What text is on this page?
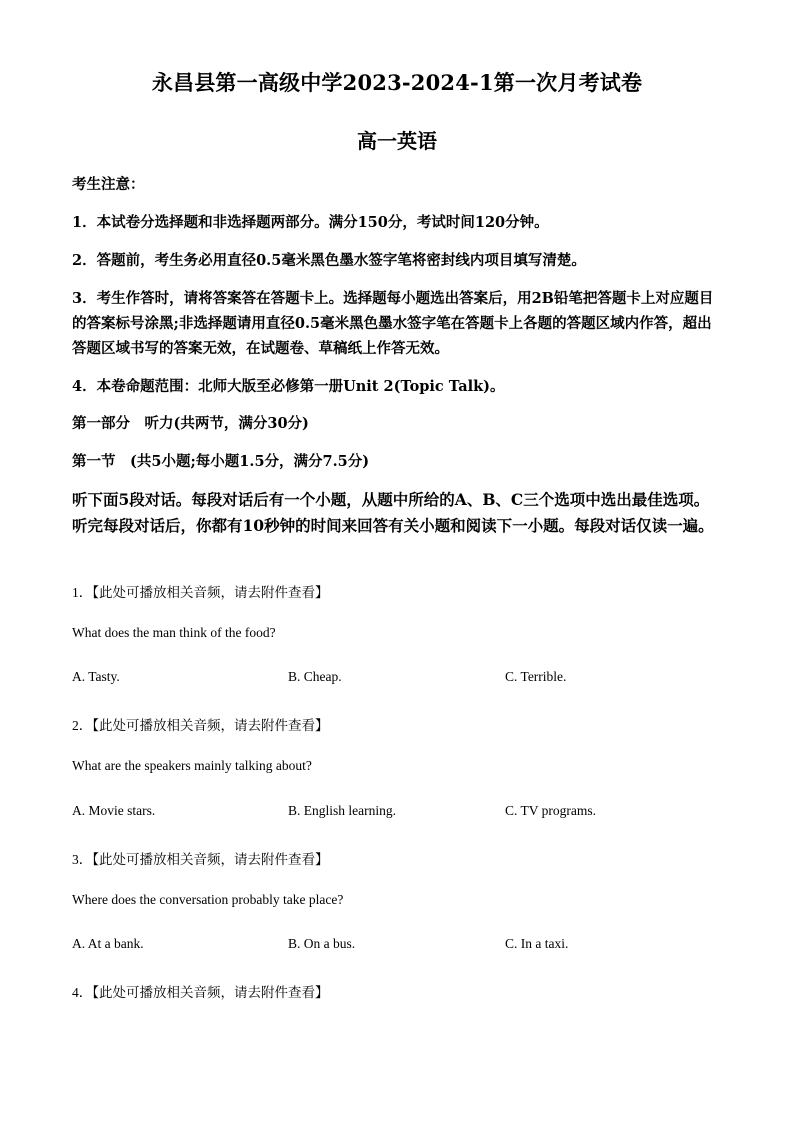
永昌县第一高级中学2023-2024-1第一次月考试卷
高一英语
考生注意：
1．本试卷分选择题和非选择题两部分。满分150分，考试时间120分钟。
2．答题前，考生务必用直径0.5毫米黑色墨水签字笔将密封线内项目填写清楚。
3．考生作答时，请将答案答在答题卡上。选择题每小题选出答案后，用2B铅笔把答题卡上对应题目的答案标号涂黑;非选择题请用直径0.5毫米黑色墨水签字笔在答题卡上各题的答题区域内作答，超出答题区域书写的答案无效，在试题卷、草稿纸上作答无效。
4．本卷命题范围：北师大版至必修第一册Unit 2(Topic Talk)。
第一部分　听力(共两节，满分30分)
第一节　(共5小题;每小题1.5分，满分7.5分)
听下面5段对话。每段对话后有一个小题，从题中所给的A、B、C三个选项中选出最佳选项。听完每段对话后，你都有10秒钟的时间来回答有关小题和阅读下一小题。每段对话仅读一遍。
1．【此处可播放相关音频，请去附件查看】
What does the man think of the food?
A. Tasty.	B. Cheap.	C. Terrible.
2．【此处可播放相关音频，请去附件查看】
What are the speakers mainly talking about?
A. Movie stars.	B. English learning.	C. TV programs.
3．【此处可播放相关音频，请去附件查看】
Where does the conversation probably take place?
A. At a bank.	B. On a bus.	C. In a taxi.
4．【此处可播放相关音频，请去附件查看】
